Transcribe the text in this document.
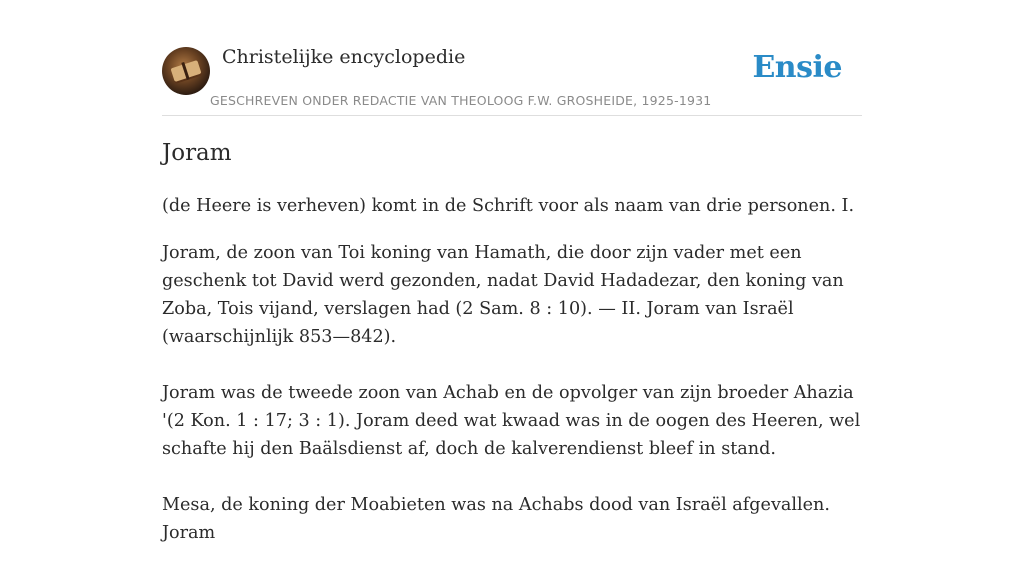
Christelijke encyclopedie
GESCHREVEN ONDER REDACTIE VAN THEOLOOG F.W. GROSHEIDE, 1925-1931
Ensie
Joram

(de Heere is verheven) komt in de Schrift voor als naam van drie personen. I.

Joram, de zoon van Toi koning van Hamath, die door zijn vader met een geschenk tot David werd gezonden, nadat David Hadadezar, den koning van Zoba, Tois vijand, verslagen had (2 Sam. 8 : 10). — II. Joram van Israël (waarschijnlijk 853—842).

Joram was de tweede zoon van Achab en de opvolger van zijn broeder Ahazia '(2 Kon. 1 : 17; 3 : 1). Joram deed wat kwaad was in de oogen des Heeren, wel schafte hij den Baälsdienst af, doch de kalverendienst bleef in stand.

Mesa, de koning der Moabieten was na Achabs dood van Israël afgevallen. Joram
